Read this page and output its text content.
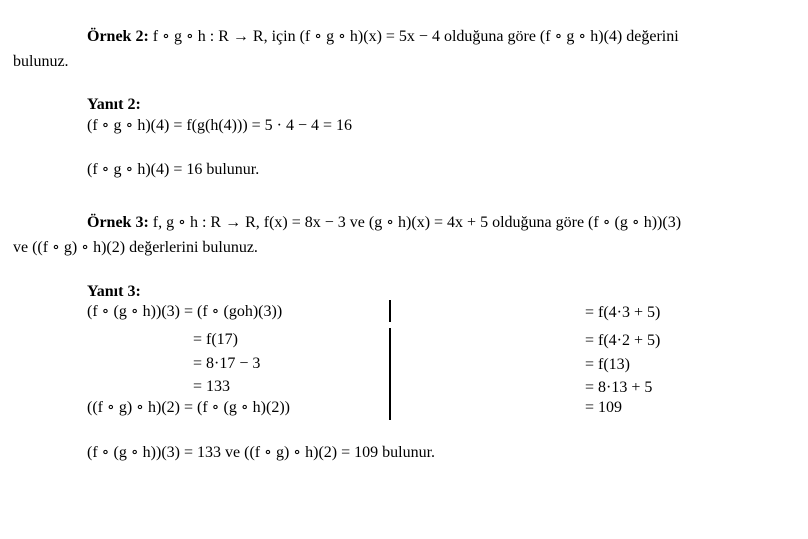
Örnek 2: f ∘ g ∘ h : R → R, için (f ∘ g ∘ h)(x) = 5x − 4 olduğuna göre (f ∘ g ∘ h)(4) değerini
bulunuz.
Yanıt 2:
(f ∘ g ∘ h)(4) = f(g(h(4))) = 5 · 4 − 4 = 16
(f ∘ g ∘ h)(4) = 16 bulunur.
Örnek 3: f, g ∘ h : R → R, f(x) = 8x − 3 ve (g ∘ h)(x) = 4x + 5 olduğuna göre (f ∘ (g ∘ h))(3)
ve ((f ∘ g) ∘ h)(2) değerlerini bulunuz.
Yanıt 3:
(f ∘ (g ∘ h))(3) = (f ∘ (goh)(3))
= f(17)
= 8·17 − 3
= 133
((f ∘ g) ∘ h)(2) = (f ∘ (g ∘ h)(2))
= f(4·3 + 5)
= f(4·2 + 5)
= f(13)
= 8·13 + 5
= 109
(f ∘ (g ∘ h))(3) = 133 ve ((f ∘ g) ∘ h)(2) = 109 bulunur.
